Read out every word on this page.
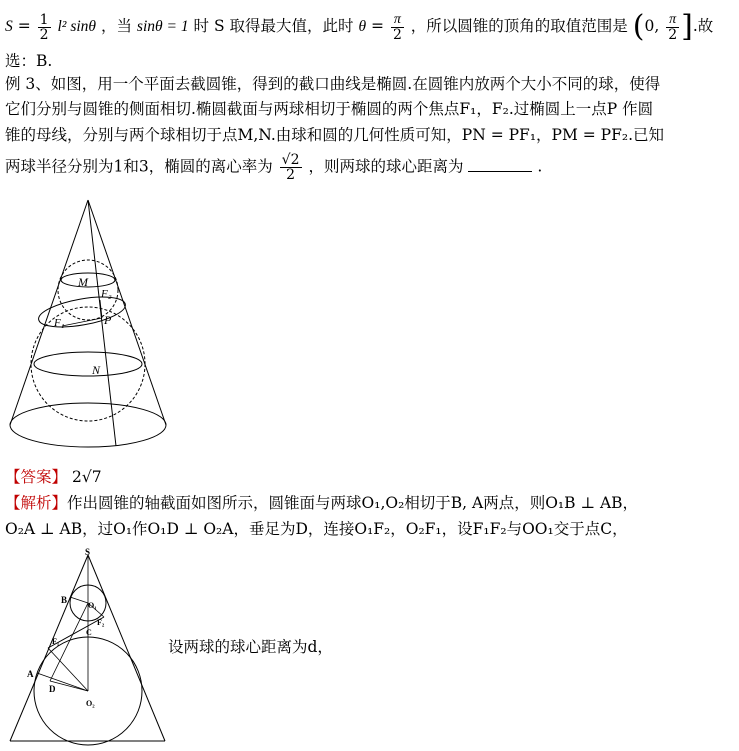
$S = \frac{1}{2} l^2$ sinθ ，当 sinθ = 1 时 S 取得最大值，此时 $\theta = \frac{\pi}{2}$ ，所以圆锥的顶角的取值范围是 (0, $\frac{\pi}{2}$ ].故
选：B.
例 3、如图，用一个平面去截圆锥，得到的截口曲线是椭圆.在圆锥内放两个大小不同的球，使得
它们分别与圆锥的侧面相切.椭圆截面与两球相切于椭圆的两个焦点F₁，F₂.过椭圆上一点P 作圆
锥的母线，分别与两个球相切于点M,N.由球和圆的几何性质可知，PN = PF₁，PM = PF₂.已知
两球半径分别为1和3，椭圆的离心率为 $\frac{√2}{2}$ ，则两球的球心距离为	.
M
F₂
F₁	P
N
【答案】 2√7
【解析】作出圆锥的轴截面如图所示，圆锥面与两球O₁,O₂相切于B, A两点，则O₁B ⊥ AB，
O₂A ⊥ AB，过O₁作O₁D ⊥ O₂A，垂足为D，连接O₁F₂，O₂F₁，设F₁F₂与OO₁交于点C，
S
B
O₁
F₂
C
F₁
A
D
O₂
设两球的球心距离为d，
